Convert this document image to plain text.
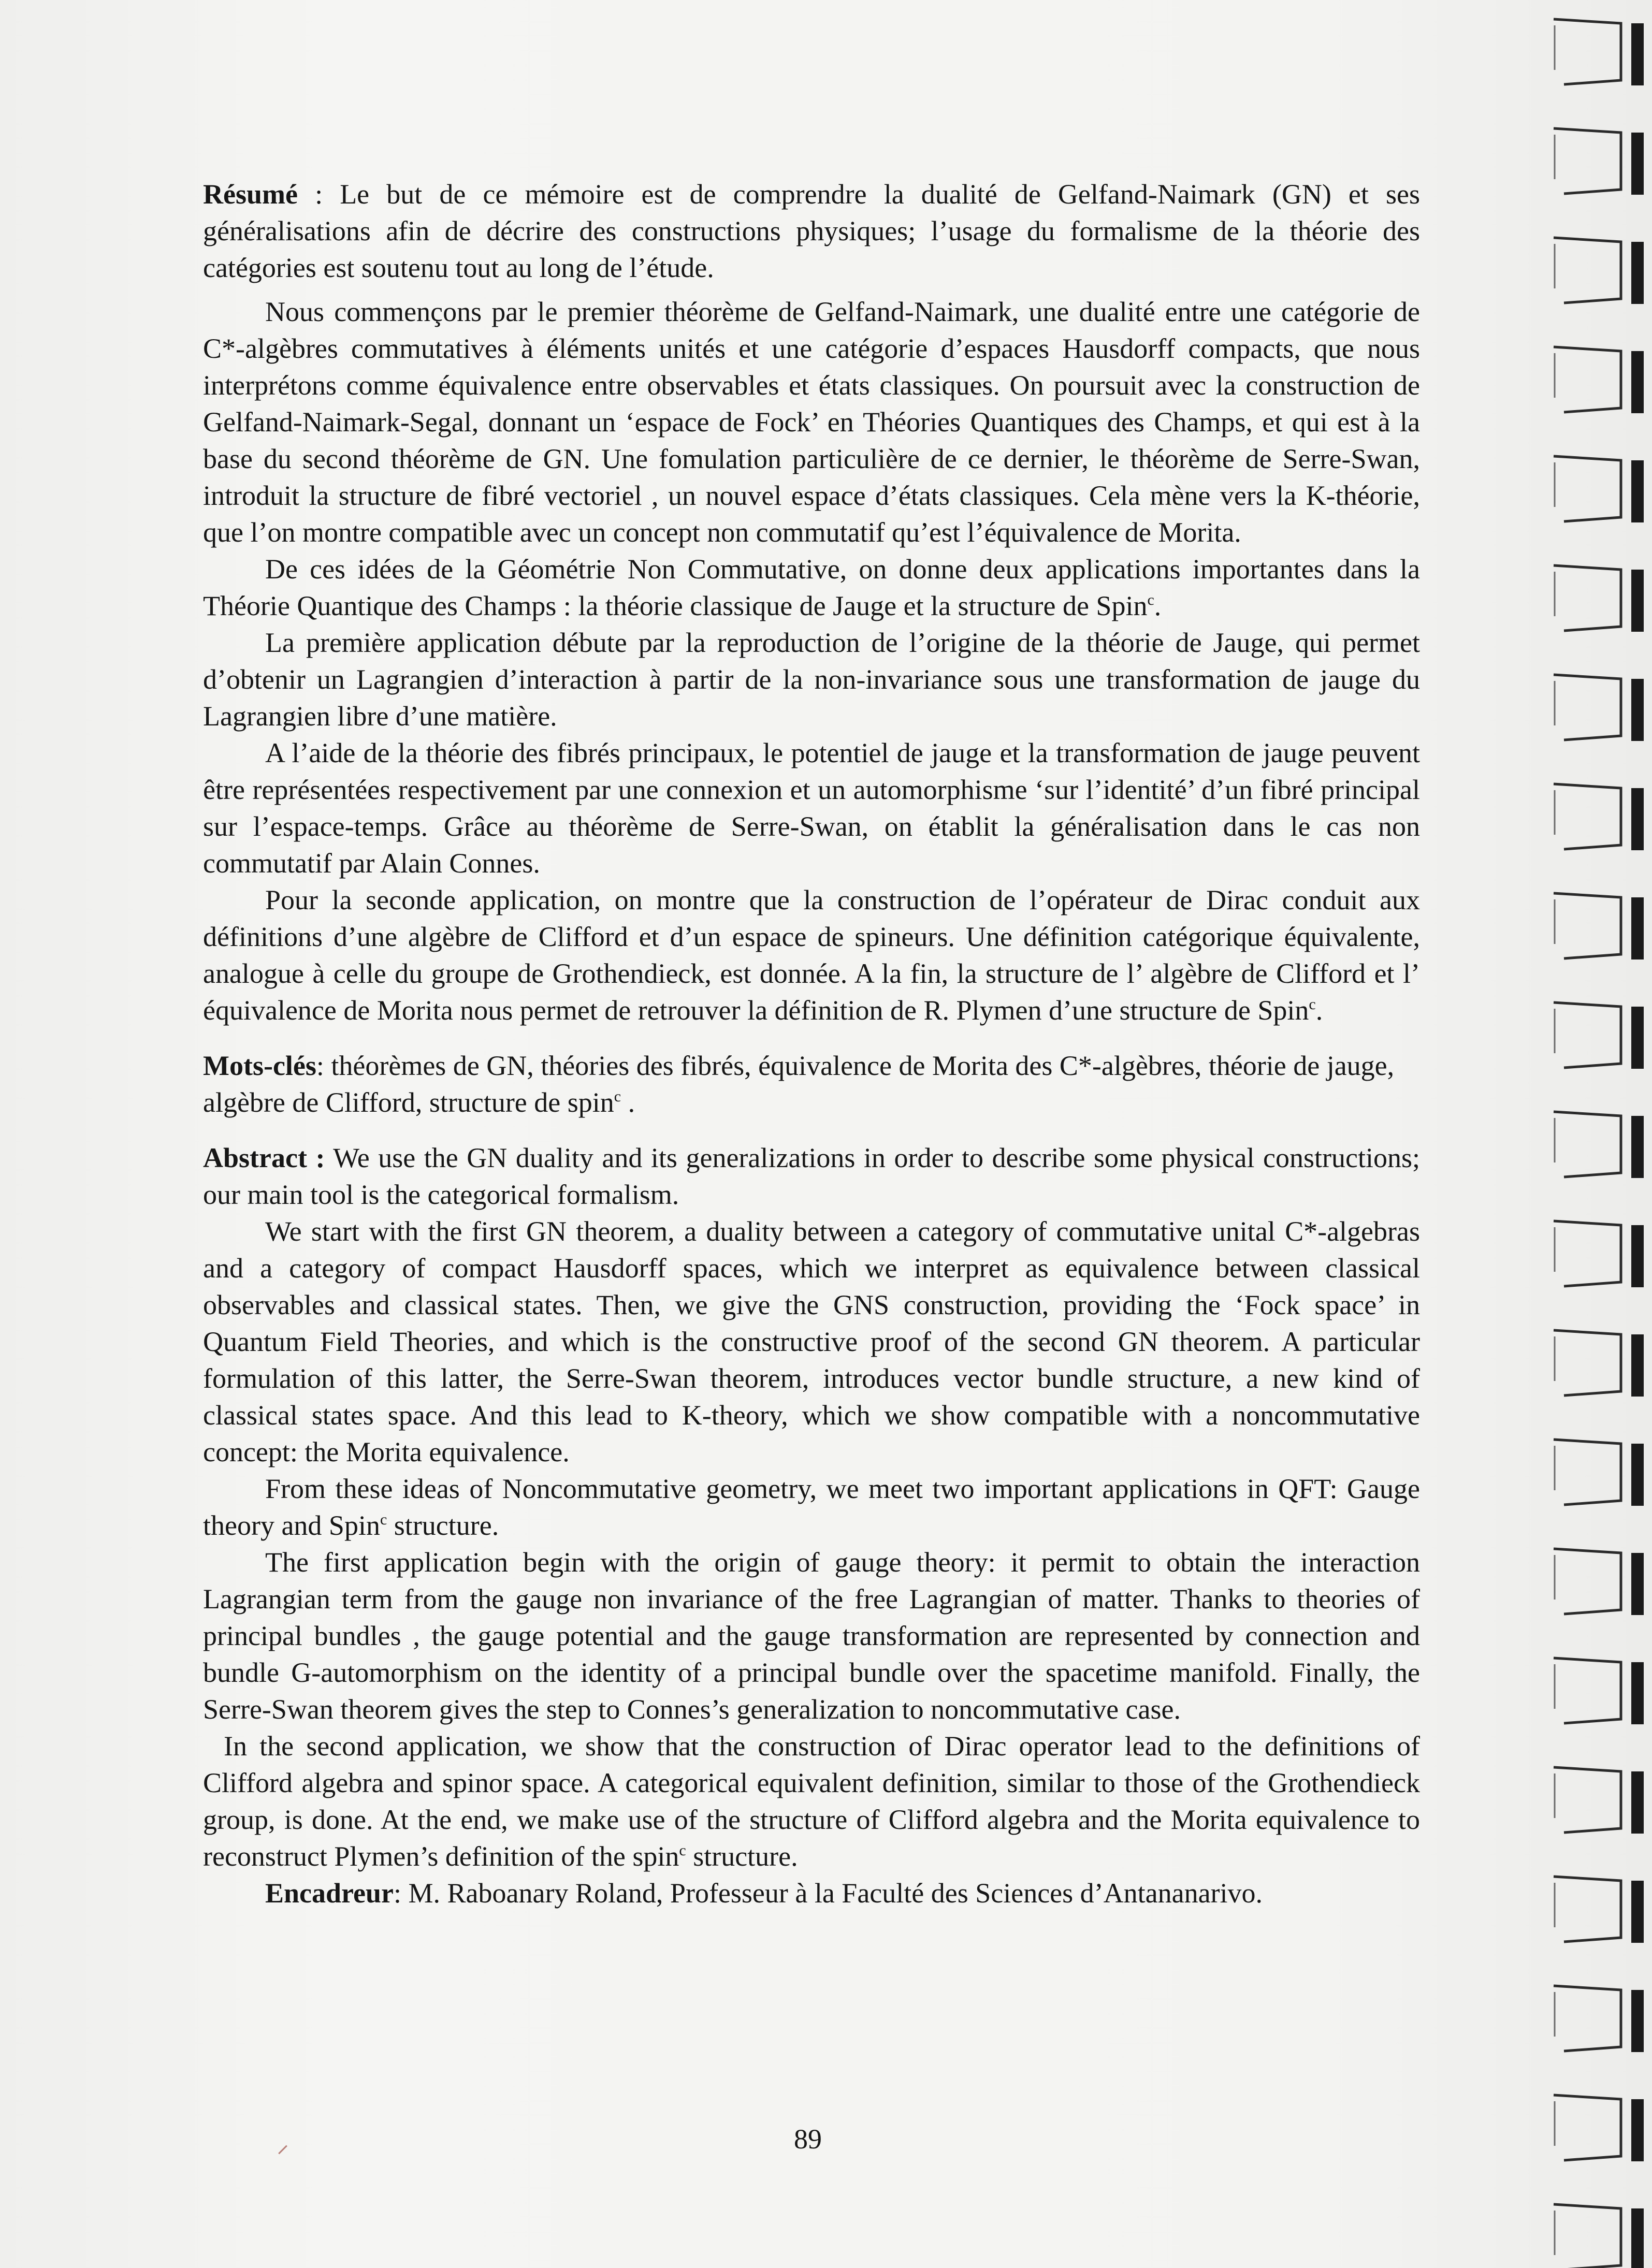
Résumé : Le but de ce mémoire est de comprendre la dualité de Gelfand-Naimark (GN) et ses généralisations afin de décrire des constructions physiques; l’usage du formalisme de la théorie des catégories est soutenu tout au long de l’étude.

Nous commençons par le premier théorème de Gelfand-Naimark, une dualité entre une catégorie de C*-algèbres commutatives à éléments unités et une catégorie d’espaces Hausdorff compacts, que nous interprétons comme équivalence entre observables et états classiques. On poursuit avec la construction de Gelfand-Naimark-Segal, donnant un ‘espace de Fock’ en Théories Quantiques des Champs, et qui est à la base du second théorème de GN. Une fomulation particulière de ce dernier, le théorème de Serre-Swan, introduit la structure de fibré vectoriel , un nouvel espace d’états classiques. Cela mène vers la K-théorie, que l’on montre compatible avec un concept non commutatif qu’est l’équivalence de Morita.

De ces idées de la Géométrie Non Commutative, on donne deux applications importantes dans la Théorie Quantique des Champs : la théorie classique de Jauge et la structure de Spin$^c$.

La première application débute par la reproduction de l’origine de la théorie de Jauge, qui permet d’obtenir un Lagrangien d’interaction à partir de la non-invariance sous une transformation de jauge du Lagrangien libre d’une matière.

A l’aide de la théorie des fibrés principaux, le potentiel de jauge et la transformation de jauge peuvent être représentées respectivement par une connexion et un automorphisme ‘sur l’identité’ d’un fibré principal sur l’espace-temps. Grâce au théorème de Serre-Swan, on établit la généralisation dans le cas non commutatif par Alain Connes.

Pour la seconde application, on montre que la construction de l’opérateur de Dirac conduit aux définitions d’une algèbre de Clifford et d’un espace de spineurs. Une définition catégorique équivalente, analogue à celle du groupe de Grothendieck, est donnée. A la fin, la structure de l’ algèbre de Clifford et l’ équivalence de Morita nous permet de retrouver la définition de R. Plymen d’une structure de Spin$^c$.

Mots-clés: théorèmes de GN, théories des fibrés, équivalence de Morita des C*-algèbres, théorie de jauge, algèbre de Clifford, structure de spin$^c$ .

Abstract : We use the GN duality and its generalizations in order to describe some physical constructions; our main tool is the categorical formalism.

We start with the first GN theorem, a duality between a category of commutative unital C*-algebras and a category of compact Hausdorff spaces, which we interpret as equivalence between classical observables and classical states. Then, we give the GNS construction, providing the ‘Fock space’ in Quantum Field Theories, and which is the constructive proof of the second GN theorem. A particular formulation of this latter, the Serre-Swan theorem, introduces vector bundle structure, a new kind of classical states space. And this lead to K-theory, which we show compatible with a noncommutative concept: the Morita equivalence.

From these ideas of Noncommutative geometry, we meet two important applications in QFT: Gauge theory and Spin$^c$ structure.

The first application begin with the origin of gauge theory: it permit to obtain the interaction Lagrangian term from the gauge non invariance of the free Lagrangian of matter. Thanks to theories of principal bundles , the gauge potential and the gauge transformation are represented by connection and bundle G-automorphism on the identity of a principal bundle over the spacetime manifold. Finally, the Serre-Swan theorem gives the step to Connes’s generalization to noncommutative case.

In the second application, we show that the construction of Dirac operator lead to the definitions of Clifford algebra and spinor space. A categorical equivalent definition, similar to those of the Grothendieck group, is done. At the end, we make use of the structure of Clifford algebra and the Morita equivalence to reconstruct Plymen’s definition of the spin$^c$ structure.

Encadreur: M. Raboanary Roland, Professeur à la Faculté des Sciences d’Antananarivo.

89
